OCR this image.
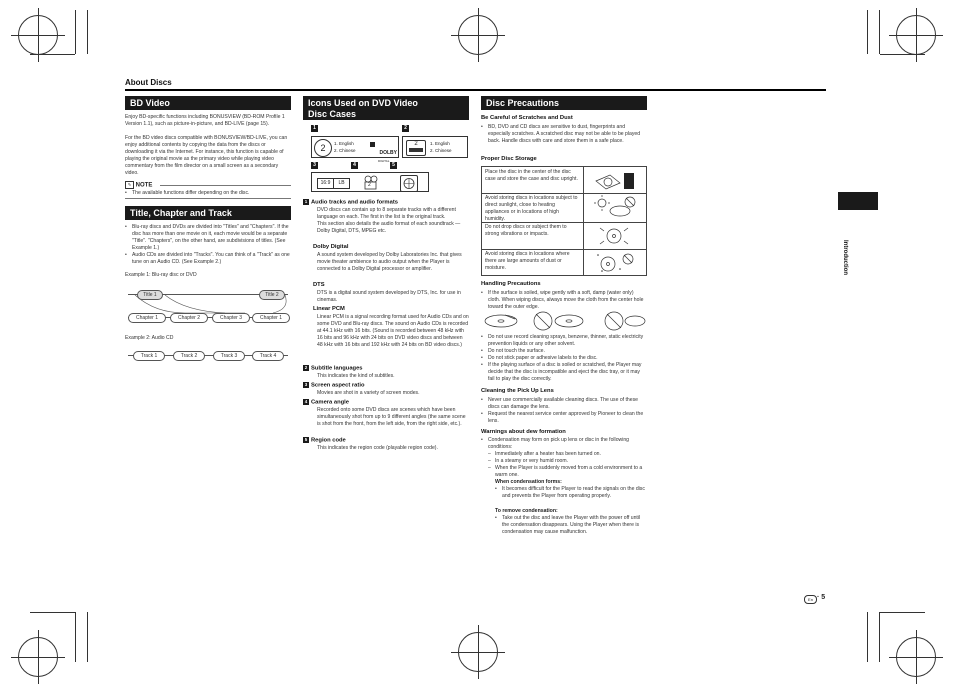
About Discs
Introduction
En · 5
BD Video
Enjoy BD-specific functions including BONUSVIEW (BD-ROM Profile 1 Version 1.1), such as picture-in-picture, and BD-LIVE (page 15).
For the BD video discs compatible with BONUSVIEW/BD-LIVE, you can enjoy additional contents by copying the data from the discs or downloading it via the Internet. For instance, this function is capable of playing the original movie as the primary video while playing video commentary from the film director on a small screen as a secondary video.
✎ NOTE
• The available functions differ depending on the disc.
Title, Chapter and Track
• Blu-ray discs and DVDs are divided into "Titles" and "Chapters". If the disc has more than one movie on it, each movie would be a separate "Title". "Chapters", on the other hand, are subdivisions of titles. (See Example 1.)
• Audio CDs are divided into "Tracks". You can think of a "Track" as one tune on an Audio CD. (See Example 2.)
Example 1: Blu-ray disc or DVD
Title 1	Title 2
Chapter 1	Chapter 2	Chapter 3	Chapter 1
Example 2: Audio CD
Track 1	Track 2	Track 3	Track 4
Icons Used on DVD Video Disc Cases
1	2
2	1. English
2. Chinese	DOLBY
DIGITAL
2	1. English
2. Chinese
3	4	5
16:9	LB	2
1 Audio tracks and audio formats
DVD discs can contain up to 8 separate tracks with a different language on each. The first in the list is the original track.
This section also details the audio format of each soundtrack — Dolby Digital, DTS, MPEG etc.
Dolby Digital
A sound system developed by Dolby Laboratories Inc. that gives movie theater ambience to audio output when the Player is connected to a Dolby Digital processor or amplifier.
DTS
DTS is a digital sound system developed by DTS, Inc. for use in cinemas.
Linear PCM
Linear PCM is a signal recording format used for Audio CDs and on some DVD and Blu-ray discs. The sound on Audio CDs is recorded at 44.1 kHz with 16 bits. (Sound is recorded between 48 kHz with 16 bits and 96 kHz with 24 bits on DVD video discs and between 48 kHz with 16 bits and 192 kHz with 24 bits on BD video discs.)
2 Subtitle languages
This indicates the kind of subtitles.
3 Screen aspect ratio
Movies are shot in a variety of screen modes.
4 Camera angle
Recorded onto some DVD discs are scenes which have been simultaneously shot from up to 9 different angles (the same scene is shot from the front, from the left side, from the right side, etc.).
5 Region code
This indicates the region code (playable region code).
Disc Precautions
Be Careful of Scratches and Dust
• BD, DVD and CD discs are sensitive to dust, fingerprints and especially scratches. A scratched disc may not be able to be played back. Handle discs with care and store them in a safe place.
Proper Disc Storage
Place the disc in the center of the disc case and store the case and disc upright.
Avoid storing discs in locations subject to direct sunlight, close to heating appliances or in locations of high humidity.
Do not drop discs or subject them to strong vibrations or impacts.
Avoid storing discs in locations where there are large amounts of dust or moisture.
Handling Precautions
• If the surface is soiled, wipe gently with a soft, damp (water only) cloth. When wiping discs, always move the cloth from the center hole toward the outer edge.
• Do not use record cleaning sprays, benzene, thinner, static electricity prevention liquids or any other solvent.
• Do not touch the surface.
• Do not stick paper or adhesive labels to the disc.
• If the playing surface of a disc is soiled or scratched, the Player may decide that the disc is incompatible and eject the disc tray, or it may fail to play the disc correctly.
Cleaning the Pick Up Lens
• Never use commercially available cleaning discs. The use of these discs can damage the lens.
• Request the nearest service center approved by Pioneer to clean the lens.
Warnings about dew formation
• Condensation may form on pick up lens or disc in the following conditions:
– Immediately after a heater has been turned on.
– In a steamy or very humid room.
– When the Player is suddenly moved from a cold environment to a warm one.
When condensation forms:
• It becomes difficult for the Player to read the signals on the disc and prevents the Player from operating properly.
To remove condensation:
• Take out the disc and leave the Player with the power off until the condensation disappears. Using the Player when there is condensation may cause malfunction.
